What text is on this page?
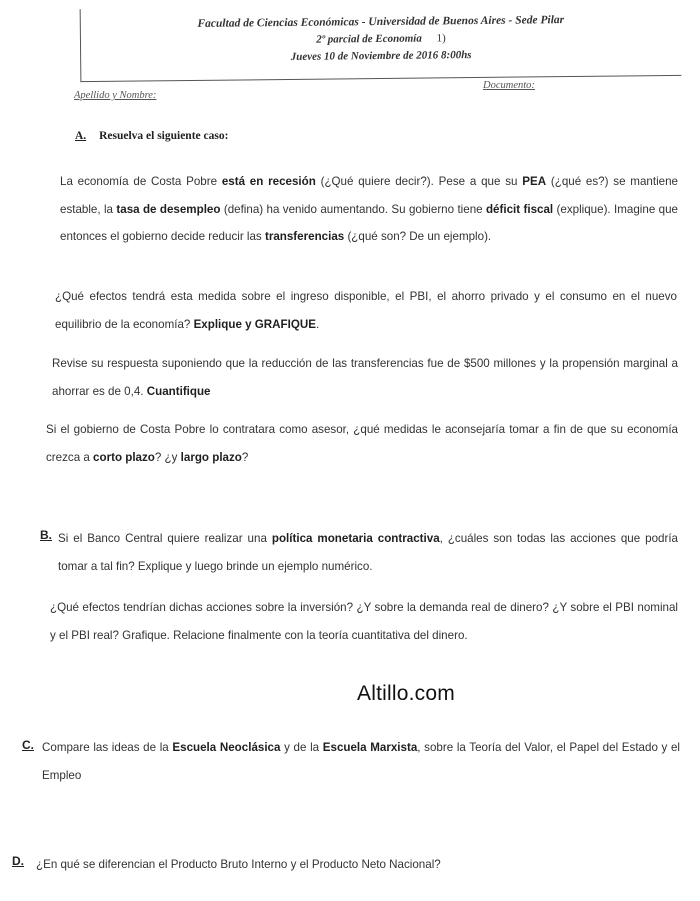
Facultad de Ciencias Económicas - Universidad de Buenos Aires - Sede Pilar
2º parcial de Economía 1)
Jueves 10 de Noviembre de 2016 8:00hs
Apellido y Nombre:
Documento:
A. Resuelva el siguiente caso:
La economía de Costa Pobre está en recesión (¿Qué quiere decir?). Pese a que su PEA (¿qué es?) se mantiene estable, la tasa de desempleo (defina) ha venido aumentando. Su gobierno tiene déficit fiscal (explique). Imagine que entonces el gobierno decide reducir las transferencias (¿qué son? De un ejemplo).
¿Qué efectos tendrá esta medida sobre el ingreso disponible, el PBI, el ahorro privado y el consumo en el nuevo equilibrio de la economía? Explique y GRAFIQUE.
Revise su respuesta suponiendo que la reducción de las transferencias fue de $500 millones y la propensión marginal a ahorrar es de 0,4. Cuantifique
Si el gobierno de Costa Pobre lo contratara como asesor, ¿qué medidas le aconsejaría tomar a fin de que su economía crezca a corto plazo? ¿y largo plazo?
B. Si el Banco Central quiere realizar una política monetaria contractiva, ¿cuáles son todas las acciones que podría tomar a tal fin? Explique y luego brinde un ejemplo numérico.
¿Qué efectos tendrían dichas acciones sobre la inversión? ¿Y sobre la demanda real de dinero? ¿Y sobre el PBI nominal y el PBI real? Grafique. Relacione finalmente con la teoría cuantitativa del dinero.
Altillo.com
C. Compare las ideas de la Escuela Neoclásica y de la Escuela Marxista, sobre la Teoría del Valor, el Papel del Estado y el Empleo
D. ¿En qué se diferencian el Producto Bruto Interno y el Producto Neto Nacional?
